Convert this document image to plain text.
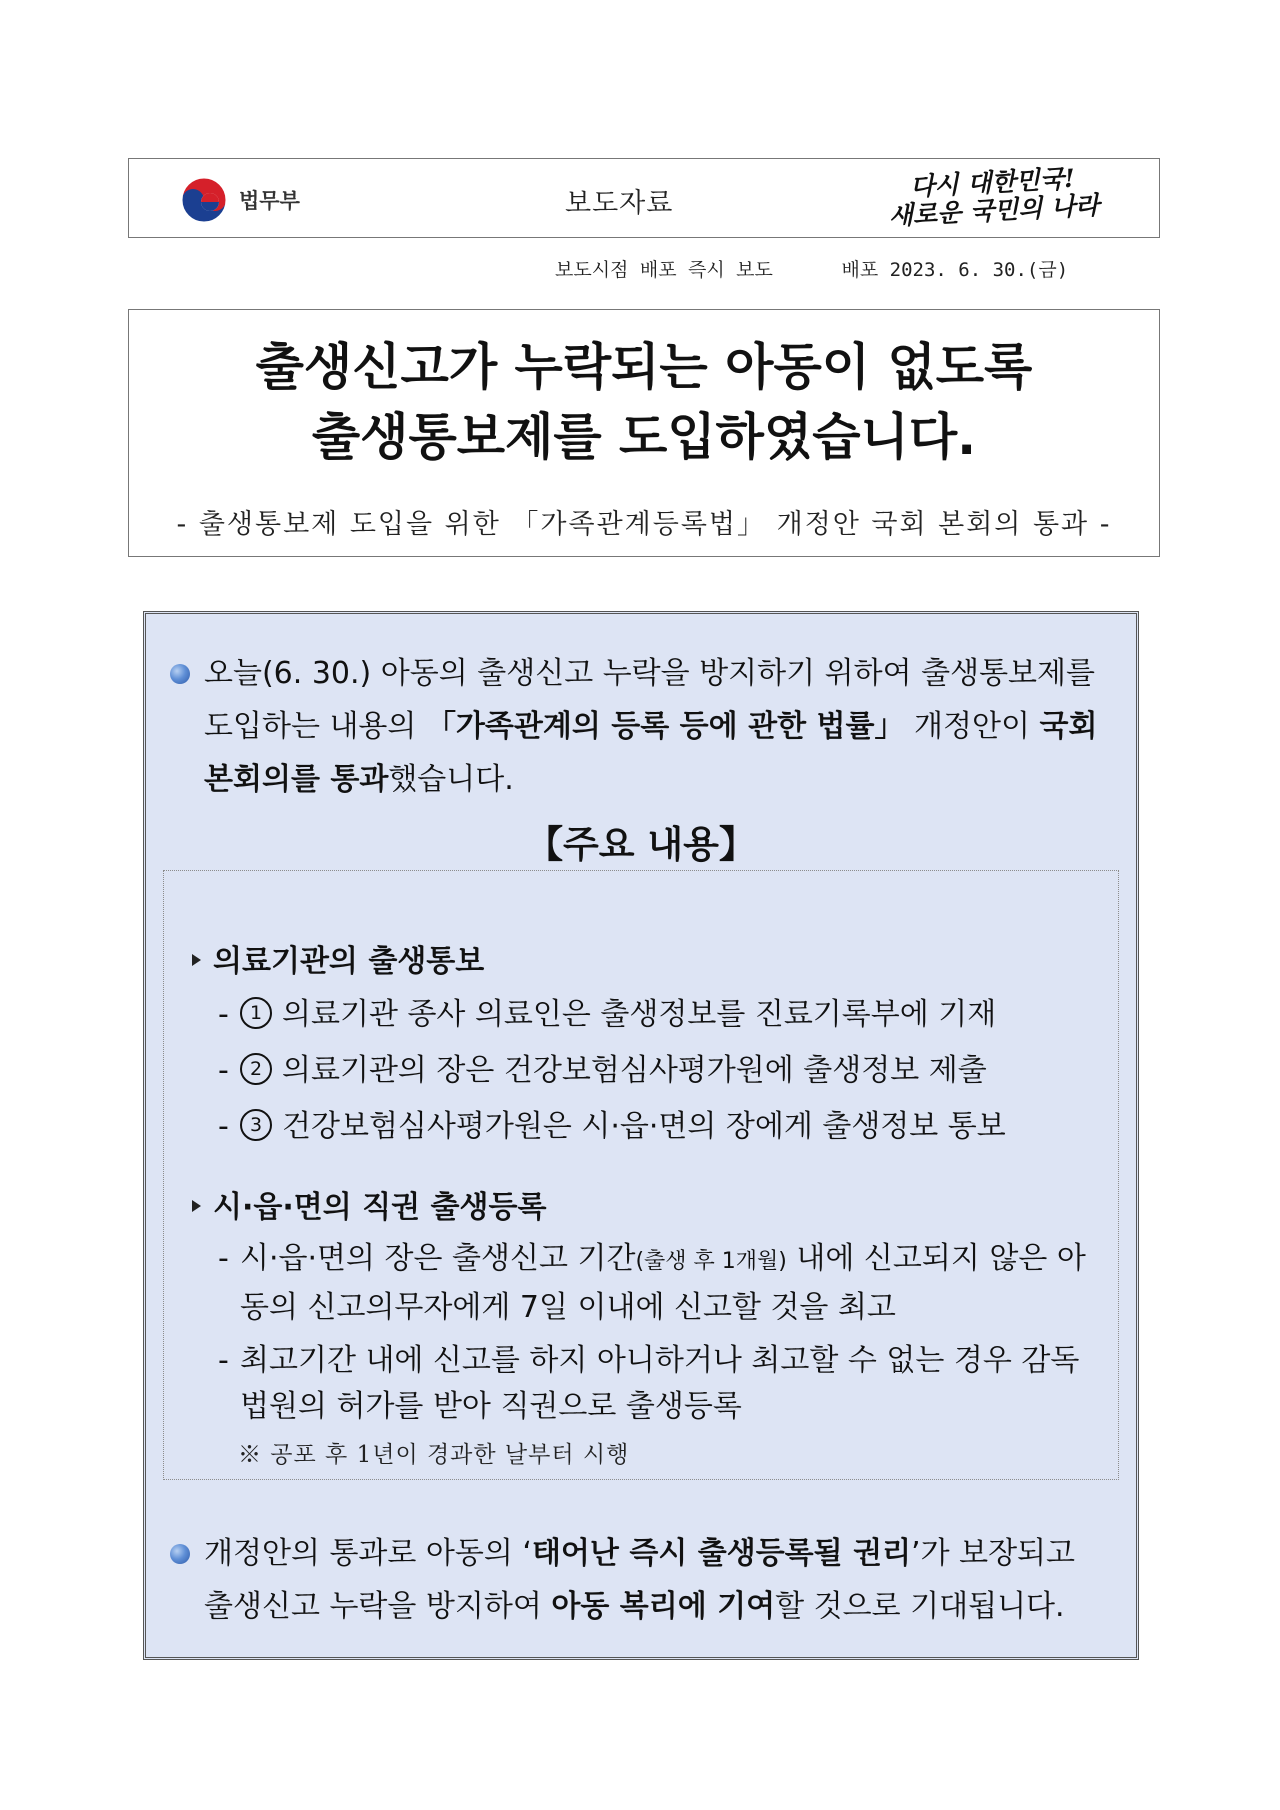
법무부	보도자료
다시 대한민국!
새로운 국민의 나라
보도시점 배포 즉시 보도      배포 2023. 6. 30.(금)
출생신고가 누락되는 아동이 없도록
출생통보제를 도입하였습니다.
- 출생통보제 도입을 위한 「가족관계등록법」 개정안 국회 본회의 통과 -
오늘(6. 30.) 아동의 출생신고 누락을 방지하기 위하여 출생통보제를 도입하는 내용의 「가족관계의 등록 등에 관한 법률」 개정안이 국회 본회의를 통과했습니다.
【주요 내용】
의료기관의 출생통보
-	1 의료기관 종사 의료인은 출생정보를 진료기록부에 기재
-	2 의료기관의 장은 건강보험심사평가원에 출생정보 제출
-	3 건강보험심사평가원은 시·읍·면의 장에게 출생정보 통보
시·읍·면의 직권 출생등록
- 시·읍·면의 장은 출생신고 기간(출생 후 1개월) 내에 신고되지 않은 아동의 신고의무자에게 7일 이내에 신고할 것을 최고
- 최고기간 내에 신고를 하지 아니하거나 최고할 수 없는 경우 감독법원의 허가를 받아 직권으로 출생등록
※ 공포 후 1년이 경과한 날부터 시행
개정안의 통과로 아동의 ‘태어난 즉시 출생등록될 권리’가 보장되고 출생신고 누락을 방지하여 아동 복리에 기여할 것으로 기대됩니다.
